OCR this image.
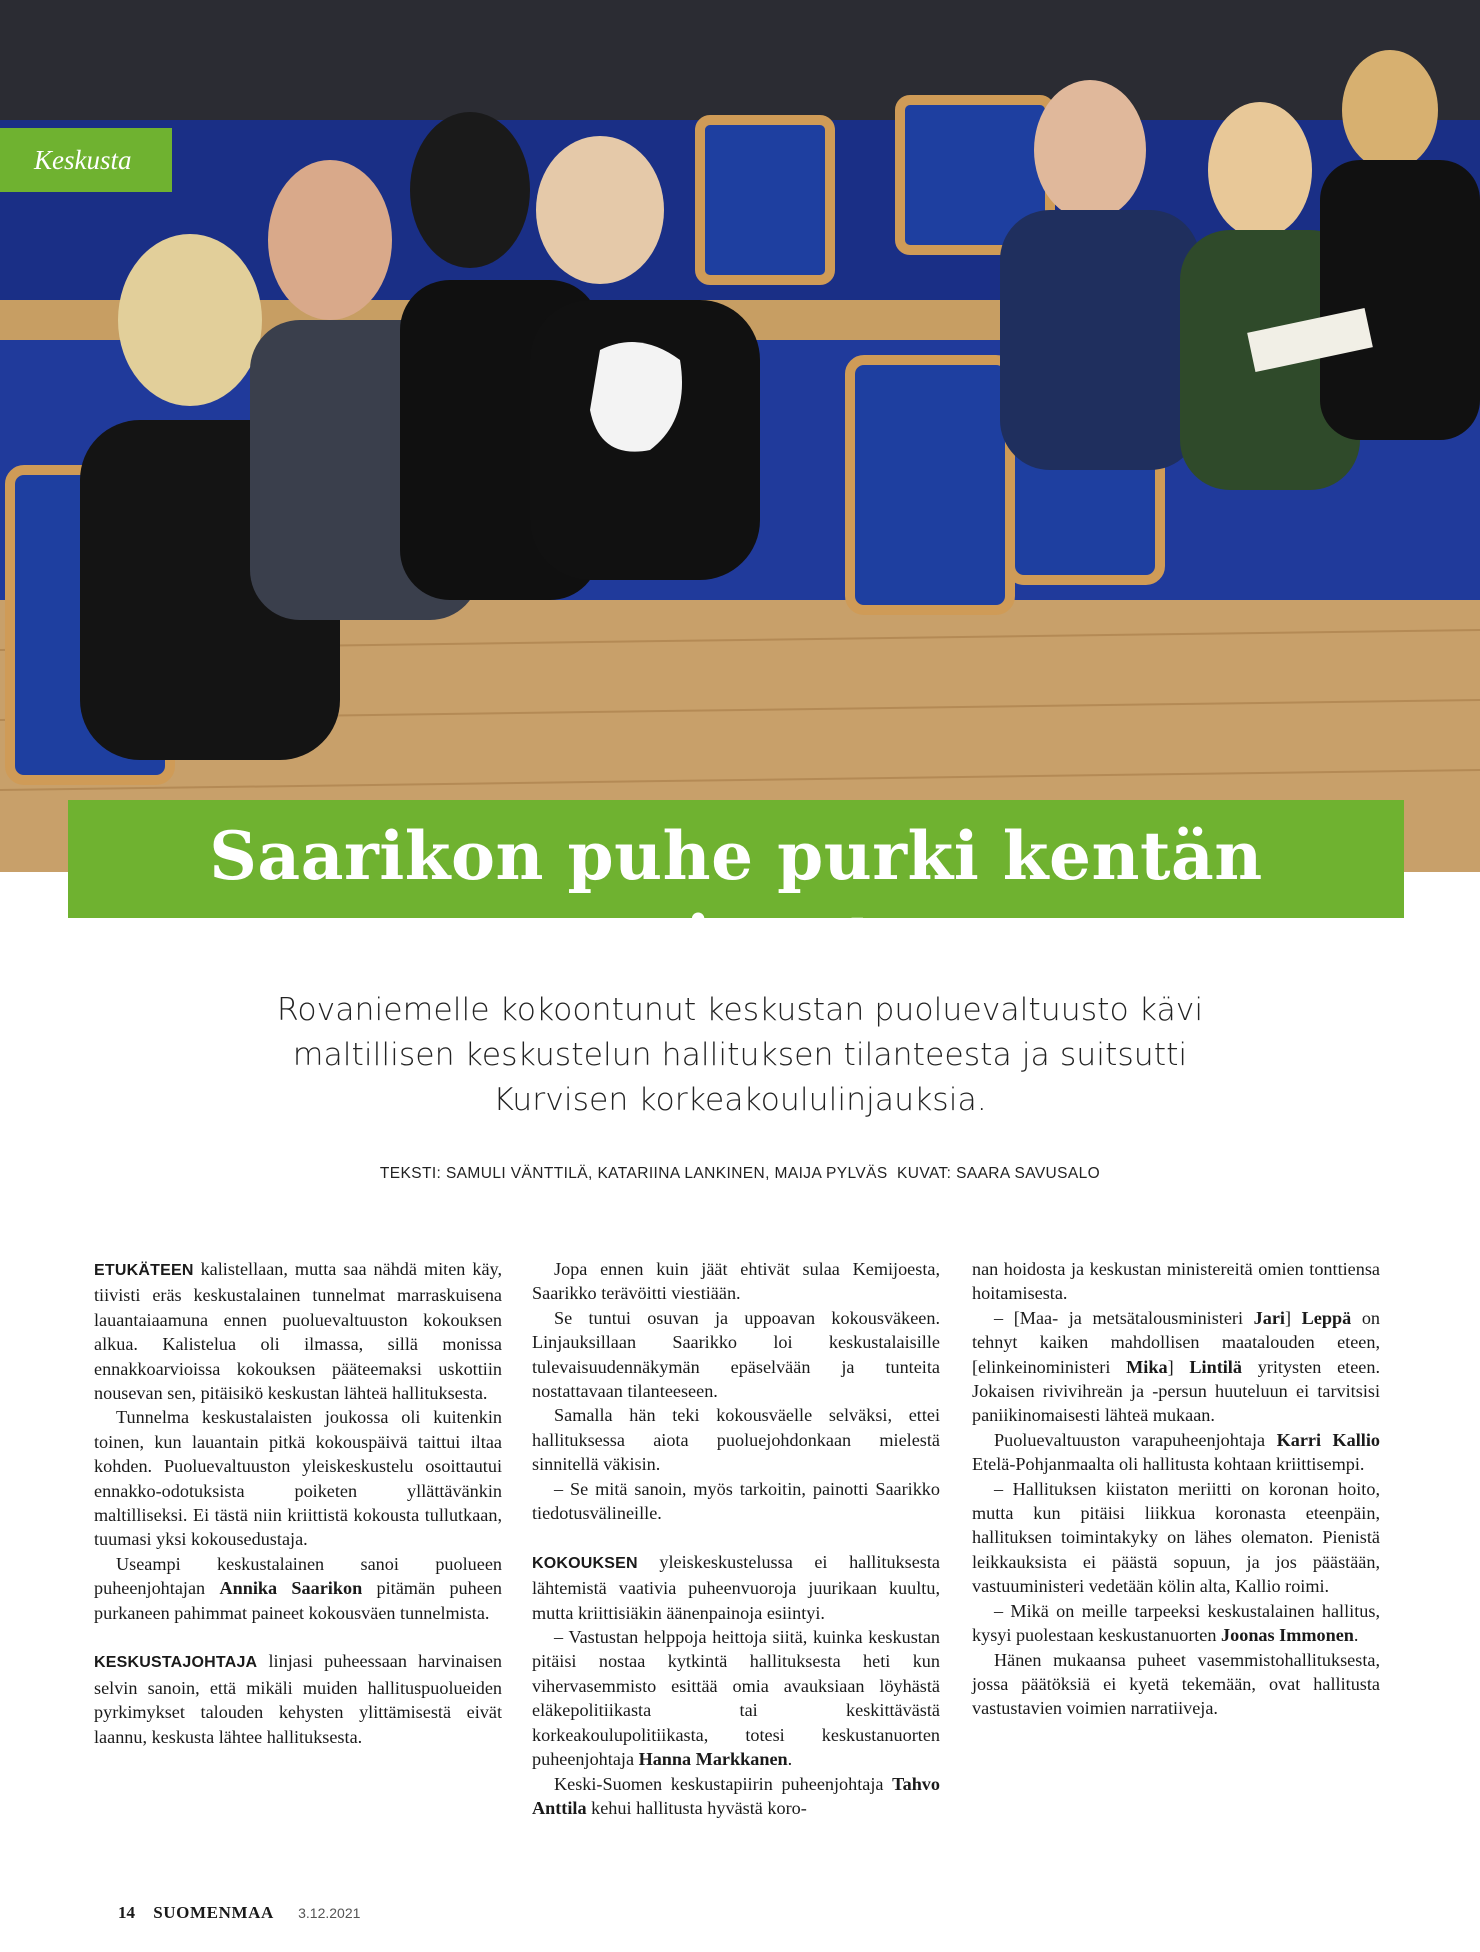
Keskusta
Saarikon puhe purki kentän paineet

Rovaniemelle kokoontunut keskustan puoluevaltuusto kävi maltillisen keskustelun hallituksen tilanteesta ja suitsutti Kurvisen korkeakoululinjauksia.

TEKSTI: SAMULI VÄNTTILÄ, KATARIINA LANKINEN, MAIJA PYLVÄS  KUVAT: SAARA SAVUSALO

ETUKÄTEEN kalistellaan, mutta saa nähdä miten käy, tiivisti eräs keskustalainen tunnelmat marraskuisena lauantaiaamuna ennen puoluevaltuuston kokouksen alkua. Kalistelua oli ilmassa, sillä monissa ennakkoarvioissa kokouksen pääteemaksi uskottiin nousevan sen, pitäisikö keskustan lähteä hallituksesta.

Tunnelma keskustalaisten joukossa oli kuitenkin toinen, kun lauantain pitkä kokouspäivä taittui iltaa kohden. Puoluevaltuuston yleiskeskustelu osoittautui ennakko-odotuksista poiketen yllättävänkin maltilliseksi. Ei tästä niin kriittistä kokousta tullutkaan, tuumasi yksi kokousedustaja.

Useampi keskustalainen sanoi puolueen puheenjohtajan Annika Saarikon pitämän puheen purkaneen pahimmat paineet kokousväen tunnelmista.

KESKUSTAJOHTAJA linjasi puheessaan harvinaisen selvin sanoin, että mikäli muiden hallituspuolueiden pyrkimykset talouden kehysten ylittämisestä eivät laannu, keskusta lähtee hallituksesta.

Jopa ennen kuin jäät ehtivät sulaa Kemijoesta, Saarikko terävöitti viestiään.

Se tuntui osuvan ja uppoavan kokousväkeen. Linjauksillaan Saarikko loi keskustalaisille tulevaisuudennäkymän epäselvään ja tunteita nostattavaan tilanteeseen.

Samalla hän teki kokousväelle selväksi, ettei hallituksessa aiota puoluejohdonkaan mielestä sinnitellä väkisin.

– Se mitä sanoin, myös tarkoitin, painotti Saarikko tiedotusvälineille.

KOKOUKSEN yleiskeskustelussa ei hallituksesta lähtemistä vaativia puheenvuoroja juurikaan kuultu, mutta kriittisiäkin äänenpainoja esiintyi.

– Vastustan helppoja heittoja siitä, kuinka keskustan pitäisi nostaa kytkintä hallituksesta heti kun vihervasemmisto esittää omia avauksiaan löyhästä eläkepolitiikasta tai keskittävästä korkeakoulupolitiikasta, totesi keskustanuorten puheenjohtaja Hanna Markkanen.

Keski-Suomen keskustapiirin puheenjohtaja Tahvo Anttila kehui hallitusta hyvästä koro-

nan hoidosta ja keskustan ministereitä omien tonttiensa hoitamisesta.

– [Maa- ja metsätalousministeri Jari] Leppä on tehnyt kaiken mahdollisen maatalouden eteen, [elinkeinoministeri Mika] Lintilä yritysten eteen. Jokaisen rivivihreän ja -persun huuteluun ei tarvitsisi paniikinomaisesti lähteä mukaan.

Puoluevaltuuston varapuheenjohtaja Karri Kallio Etelä-Pohjanmaalta oli hallitusta kohtaan kriittisempi.

– Hallituksen kiistaton meriitti on koronan hoito, mutta kun pitäisi liikkua koronasta eteenpäin, hallituksen toimintakyky on lähes olematon. Pienistä leikkauksista ei päästä sopuun, ja jos päästään, vastuuministeri vedetään kölin alta, Kallio roimi.

– Mikä on meille tarpeeksi keskustalainen hallitus, kysyi puolestaan keskustanuorten Joonas Immonen.

Hänen mukaansa puheet vasemmistohallituksesta, jossa päätöksiä ei kyetä tekemään, ovat hallitusta vastustavien voimien narratiiveja.

14 SUOMENMAA 3.12.2021
